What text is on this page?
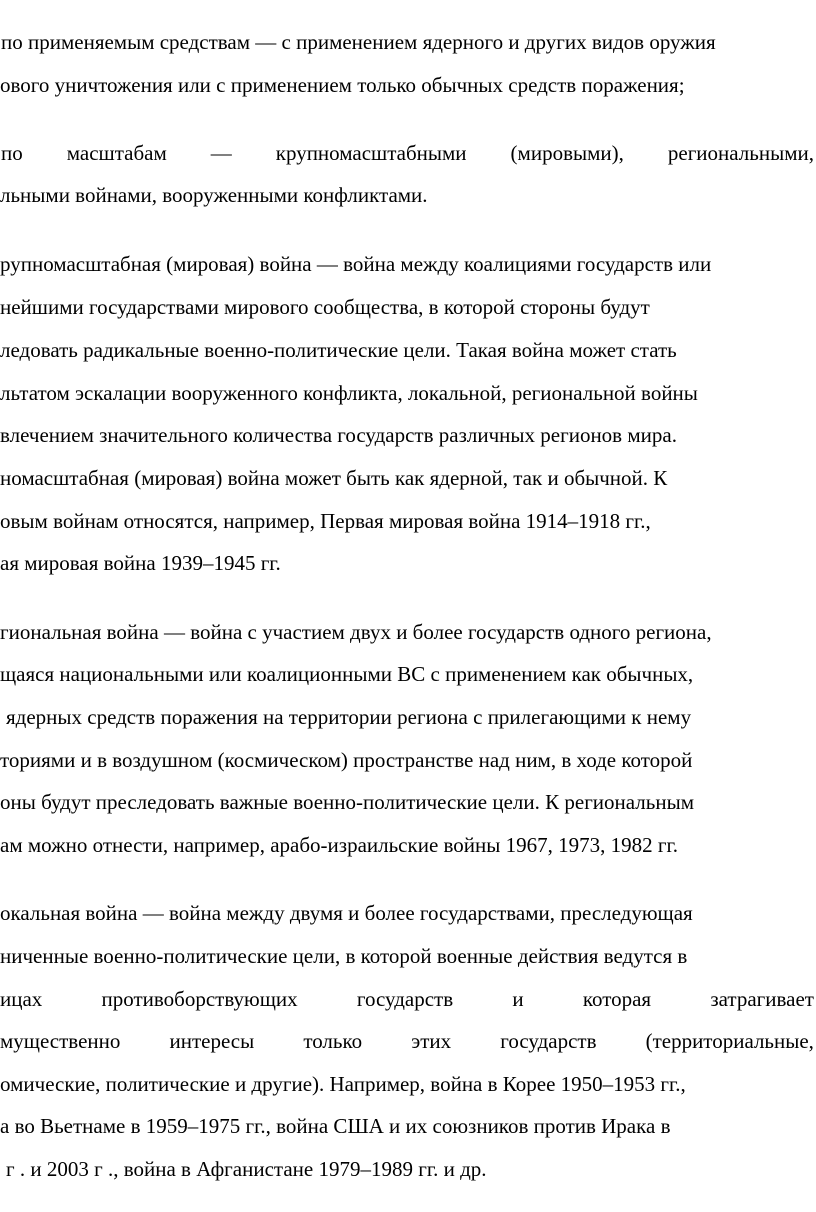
по применяемым средствам — с применением ядерного и других видов оружия
ового уничтожения или с применением только обычных средств поражения;
по масштабам — крупномасштабными (мировыми), региональными,
льными войнами, вооруженными конфликтами.
рупномасштабная (мировая) война — война между коалициями государств или
нейшими государствами мирового сообщества, в которой стороны будут
ледовать радикальные военно-политические цели. Такая война может стать
льтатом эскалации вооруженного конфликта, локальной, региональной войны
влечением значительного количества государств различных регионов мира.
номасштабная (мировая) война может быть как ядерной, так и обычной. К
овым войнам относятся, например, Первая мировая война 1914–1918 гг.,
ая мировая война 1939–1945 гг.
гиональная война — война с участием двух и более государств одного региона,
щаяся национальными или коалиционными ВС с применением как обычных,
ядерных средств поражения на территории региона с прилегающими к нему
ториями и в воздушном (космическом) пространстве над ним, в ходе которой
оны будут преследовать важные военно-политические цели. К региональным
ам можно отнести, например, арабо-израильские войны 1967, 1973, 1982 гг.
окальная война — война между двумя и более государствами, преследующая
ниченные военно-политические цели, в которой военные действия ведутся в
ицах	противоборствующих	государств	и	которая	затрагивает
мущественно интересы только этих государств (территориальные,
омические, политические и другие). Например, война в Корее 1950–1953 гг.,
а во Вьетнаме в 1959–1975 гг., война США и их союзников против Ирака в
г . и 2003 г ., война в Афганистане 1979–1989 гг. и др.
